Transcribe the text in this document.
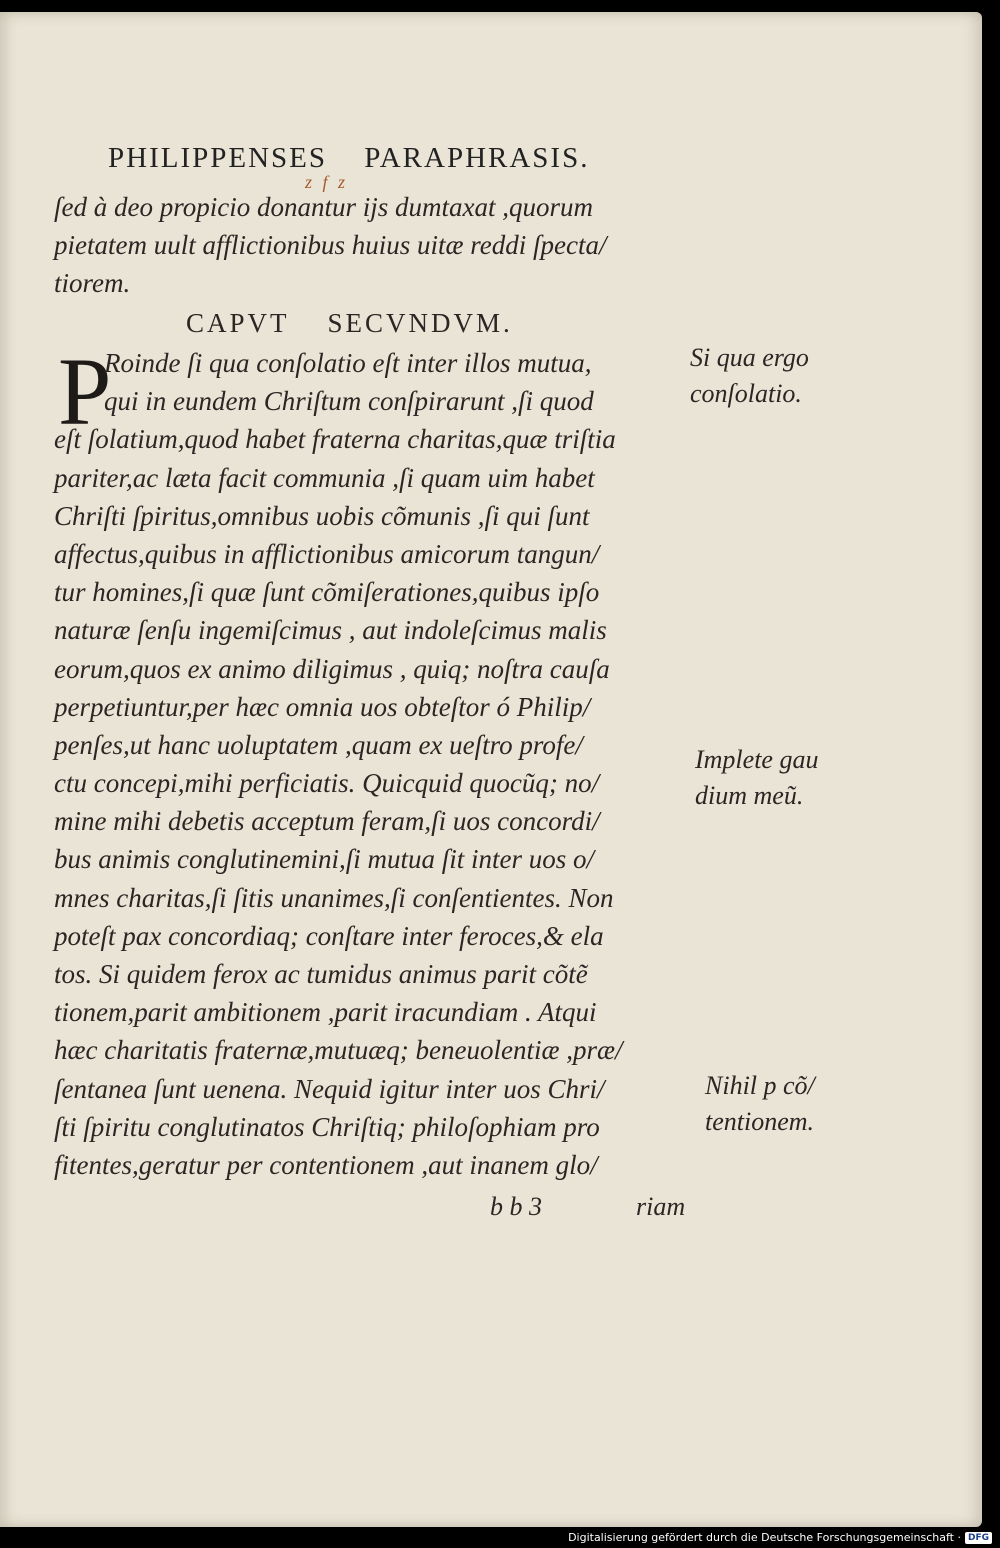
PHILIPPENSES PARAPHRASIS.
z f z
ſed à deo propicio donantur ijs dumtaxat ,quorum
pietatem uult afflictionibus huius uitæ reddi ſpecta/
tiorem.
CAPVT SECVNDVM.
P
Roinde ſi qua conſolatio eſt inter illos mutua,
qui in eundem Chriſtum conſpirarunt ,ſi quod
eſt ſolatium,quod habet fraterna charitas,quæ triſtia
pariter,ac læta facit communia ,ſi quam uim habet
Chriſti ſpiritus,omnibus uobis cõmunis ,ſi qui ſunt
affectus,quibus in afflictionibus amicorum tangun/
tur homines,ſi quæ ſunt cõmiſerationes,quibus ipſo
naturæ ſenſu ingemiſcimus , aut indoleſcimus malis
eorum,quos ex animo diligimus , quiq; noſtra cauſa
perpetiuntur,per hæc omnia uos obteſtor ó Philip/
penſes,ut hanc uoluptatem ,quam ex ueſtro profe/
ctu concepi,mihi perficiatis. Quicquid quocũq; no/
mine mihi debetis acceptum feram,ſi uos concordi/
bus animis conglutinemini,ſi mutua ſit inter uos o/
mnes charitas,ſi ſitis unanimes,ſi conſentientes. Non
poteſt pax concordiaq; conſtare inter feroces,& ela
tos. Si quidem ferox ac tumidus animus parit cõtẽ
tionem,parit ambitionem ,parit iracundiam . Atqui
hæc charitatis fraternæ,mutuæq; beneuolentiæ ,præ/
ſentanea ſunt uenena. Nequid igitur inter uos Chri/
ſti ſpiritu conglutinatos Chriſtiq; philoſophiam pro
fitentes,geratur per contentionem ,aut inanem glo/
Si qua ergo
conſolatio.
Implete gau
dium meũ.
Nihil p cõ/
tentionem.
b b 3	riam
Digitalisierung gefördert durch die Deutsche Forschungsgemeinschaft · DFG
